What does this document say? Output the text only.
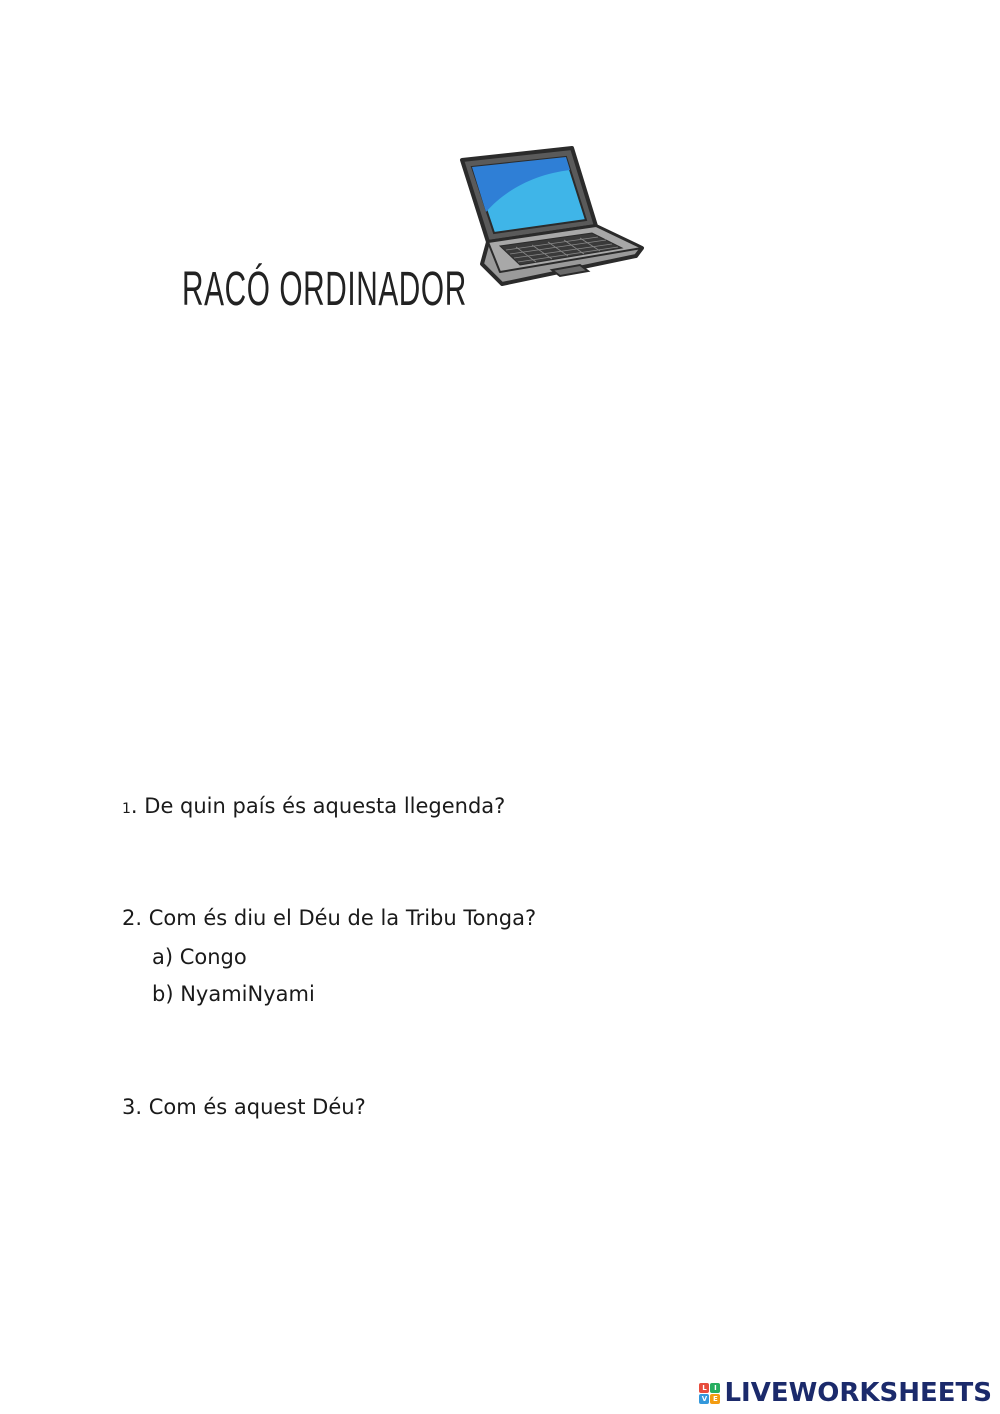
RACÓ ORDINADOR
1. De quin país és aquesta llegenda?
2. Com és diu el Déu de la Tribu Tonga?
a) Congo
b) NyamiNyami
3. Com és aquest Déu?
L	I
V E LIVEWORKSHEETS
